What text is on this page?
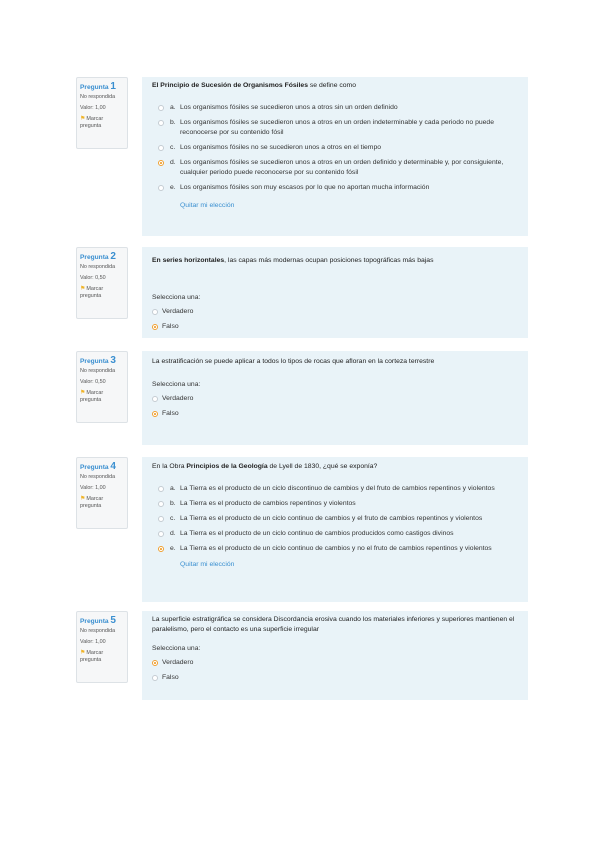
Pregunta 1
No respondida
Valor: 1,00
⚑Marcar pregunta
El Principio de Sucesión de Organismos Fósiles se define como
a. Los organismos fósiles se sucedieron unos a otros sin un orden definido
b. Los organismos fósiles se sucedieron unos a otros en un orden indeterminable y cada periodo no puede reconocerse por su contenido fósil
c. Los organismos fósiles no se sucedieron unos a otros en el tiempo
d. Los organismos fósiles se sucedieron unos a otros en un orden definido y determinable y, por consiguiente, cualquier periodo puede reconocerse por su contenido fósil
e. Los organismos fósiles son muy escasos por lo que no aportan mucha información
Quitar mi elección
Pregunta 2
No respondida
Valor: 0,50
⚑Marcar pregunta
En series horizontales, las capas más modernas ocupan posiciones topográficas más bajas
Selecciona una:
Verdadero
Falso
Pregunta 3
No respondida
Valor: 0,50
⚑Marcar pregunta
La estratificación se puede aplicar a todos lo tipos de rocas que afloran en la corteza terrestre
Selecciona una:
Verdadero
Falso
Pregunta 4
No respondida
Valor: 1,00
⚑Marcar pregunta
En la Obra Principios de la Geología de Lyell de 1830, ¿qué se exponía?
a. La Tierra es el producto de un ciclo discontinuo de cambios y del fruto de cambios repentinos y violentos
b. La Tierra es el producto de cambios repentinos y violentos
c. La Tierra es el producto de un ciclo continuo de cambios y el fruto de cambios repentinos y violentos
d. La Tierra es el producto de un ciclo continuo de cambios producidos como castigos divinos
e. La Tierra es el producto de un ciclo continuo de cambios y no el fruto de cambios repentinos y violentos
Quitar mi elección
Pregunta 5
No respondida
Valor: 1,00
⚑Marcar pregunta
La superficie estratigráfica se considera Discordancia erosiva cuando los materiales inferiores y superiores mantienen el paralelismo, pero el contacto es una superficie irregular
Selecciona una:
Verdadero
Falso
